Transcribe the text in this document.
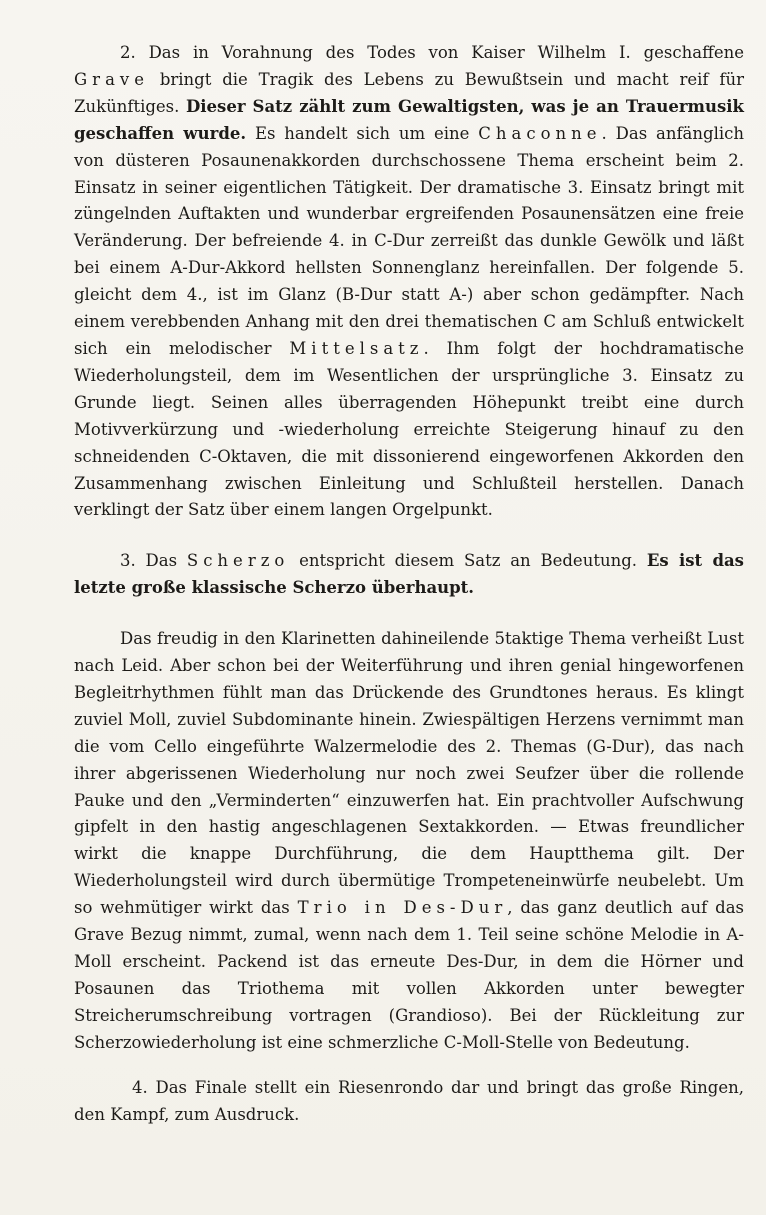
2. Das in Vorahnung des Todes von Kaiser Wilhelm I. geschaffene Grave bringt die Tragik des Lebens zu Bewußtsein und macht reif für Zukünftiges. Dieser Satz zählt zum Gewaltigsten, was je an Trauermusik geschaffen wurde. Es handelt sich um eine Chaconne. Das anfänglich von düsteren Posaunenakkorden durchschossene Thema erscheint beim 2. Einsatz in seiner eigentlichen Tätigkeit. Der dramatische 3. Einsatz bringt mit züngelnden Auftakten und wunderbar ergreifenden Posaunensätzen eine freie Veränderung. Der befreiende 4. in C-Dur zerreißt das dunkle Gewölk und läßt bei einem A-Dur-Akkord hellsten Sonnenglanz hereinfallen. Der folgende 5. gleicht dem 4., ist im Glanz (B-Dur statt A-) aber schon gedämpfter. Nach einem verebbenden Anhang mit den drei thematischen C am Schluß entwickelt sich ein melodischer Mittelsatz. Ihm folgt der hochdramatische Wiederholungsteil, dem im Wesentlichen der ursprüngliche 3. Einsatz zu Grunde liegt. Seinen alles überragenden Höhepunkt treibt eine durch Motivverkürzung und -wiederholung erreichte Steigerung hinauf zu den schneidenden C-Oktaven, die mit dissonierend eingeworfenen Akkorden den Zusammenhang zwischen Einleitung und Schlußteil herstellen. Danach verklingt der Satz über einem langen Orgelpunkt.

3. Das Scherzo entspricht diesem Satz an Bedeutung. Es ist das letzte große klassische Scherzo überhaupt.

Das freudig in den Klarinetten dahineilende 5taktige Thema verheißt Lust nach Leid. Aber schon bei der Weiterführung und ihren genial hingeworfenen Begleitrhythmen fühlt man das Drückende des Grundtones heraus. Es klingt zuviel Moll, zuviel Subdominante hinein. Zwiespältigen Herzens vernimmt man die vom Cello eingeführte Walzermelodie des 2. Themas (G-Dur), das nach ihrer abgerissenen Wiederholung nur noch zwei Seufzer über die rollende Pauke und den „Verminderten“ einzuwerfen hat. Ein prachtvoller Aufschwung gipfelt in den hastig angeschlagenen Sextakkorden. — Etwas freundlicher wirkt die knappe Durchführung, die dem Hauptthema gilt. Der Wiederholungsteil wird durch übermütige Trompeteneinwürfe neubelebt. Um so wehmütiger wirkt das Trio in Des-Dur, das ganz deutlich auf das Grave Bezug nimmt, zumal, wenn nach dem 1. Teil seine schöne Melodie in A-Moll erscheint. Packend ist das erneute Des-Dur, in dem die Hörner und Posaunen das Triothema mit vollen Akkorden unter bewegter Streicherumschreibung vortragen (Grandioso). Bei der Rückleitung zur Scherzowiederholung ist eine schmerzliche C-Moll-Stelle von Bedeutung.

4. Das Finale stellt ein Riesenrondo dar und bringt das große Ringen, den Kampf, zum Ausdruck.
